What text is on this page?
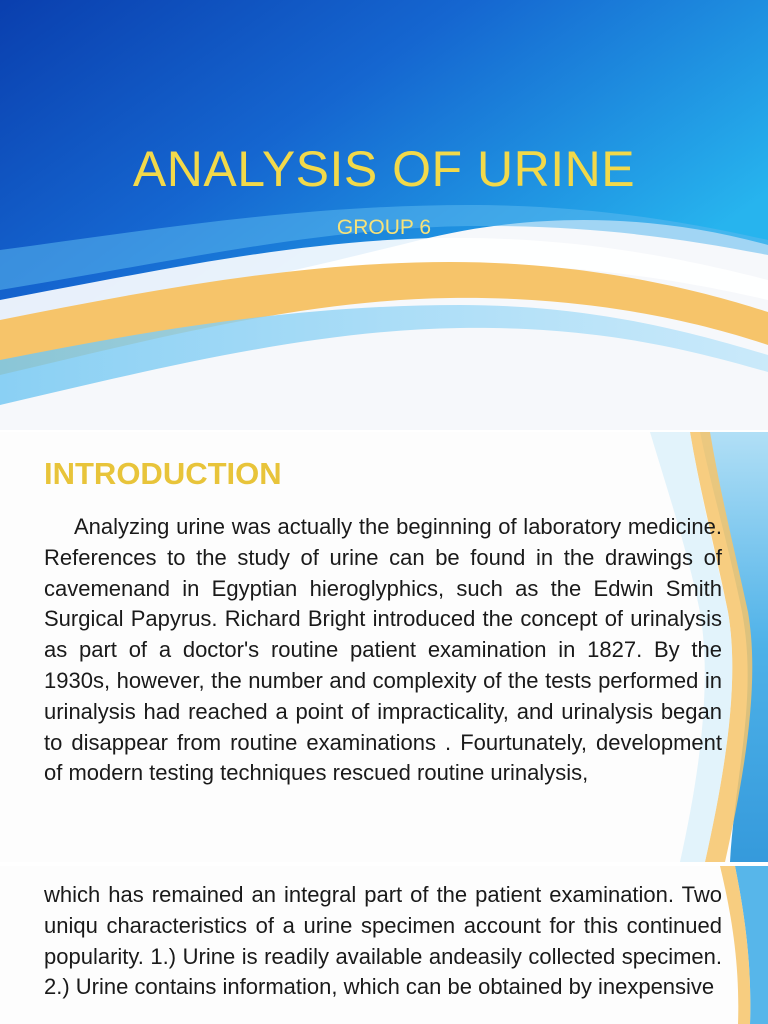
ANALYSIS OF URINE
GROUP 6
INTRODUCTION
Analyzing urine was actually the beginning of laboratory medicine. References to the study of urine can be found in the drawings of cavemenand in Egyptian hieroglyphics, such as the Edwin Smith Surgical Papyrus. Richard Bright introduced the concept of urinalysis as part of a doctor's routine patient examination in 1827. By the 1930s, however, the number and complexity of the tests performed in urinalysis had reached a point of impracticality, and urinalysis began to disappear from routine examinations . Fourtunately, development of modern testing techniques rescued routine urinalysis,
which has remained an integral part of the patient examination. Two uniqu characteristics of a urine specimen account for this continued popularity. 1.) Urine is readily available andeasily collected specimen. 2.) Urine contains information, which can be obtained by inexpensive
